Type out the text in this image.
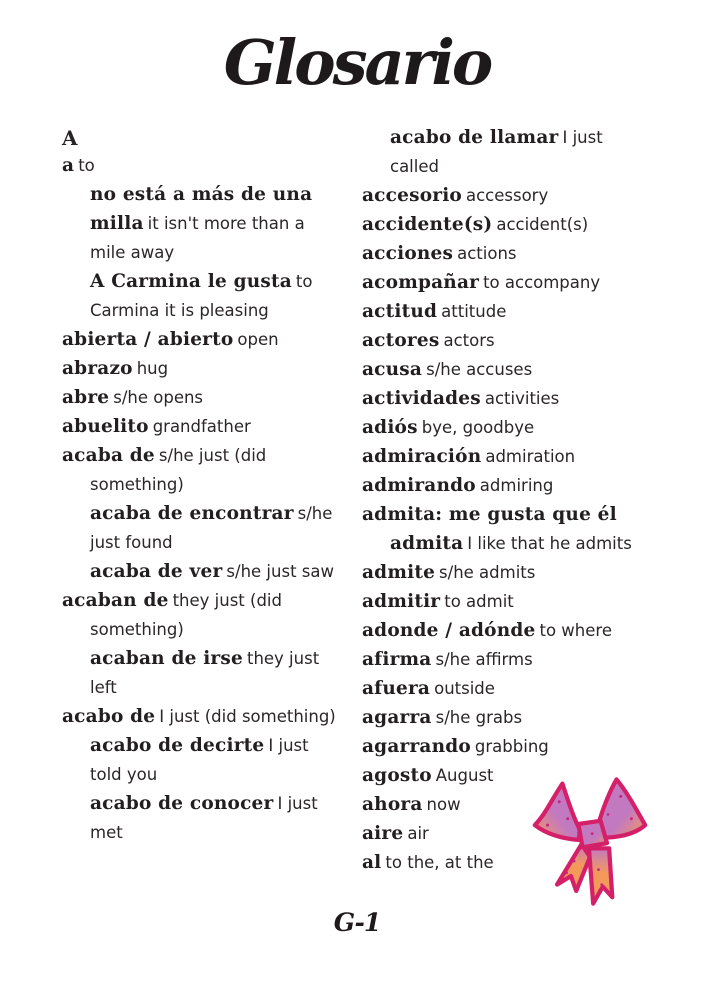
Glosario
A
a to
no está a más de una milla it isn't more than a mile away
A Carmina le gusta to Carmina it is pleasing
abierta / abierto open
abrazo hug
abre s/he opens
abuelito grandfather
acaba de s/he just (did something)
acaba de encontrar s/he just found
acaba de ver s/he just saw
acaban de they just (did something)
acaban de irse they just left
acabo de I just (did something)
acabo de decirte I just told you
acabo de conocer I just met
acabo de llamar I just called
accesorio accessory
accidente(s) accident(s)
acciones actions
acompañar to accompany
actitud attitude
actores actors
acusa s/he accuses
actividades activities
adiós bye, goodbye
admiración admiration
admirando admiring
admita: me gusta que él admita I like that he admits
admite s/he admits
admitir to admit
adonde / adónde to where
afirma s/he affirms
afuera outside
agarra s/he grabs
agarrando grabbing
agosto August
ahora now
aire air
al to the, at the
G-1
